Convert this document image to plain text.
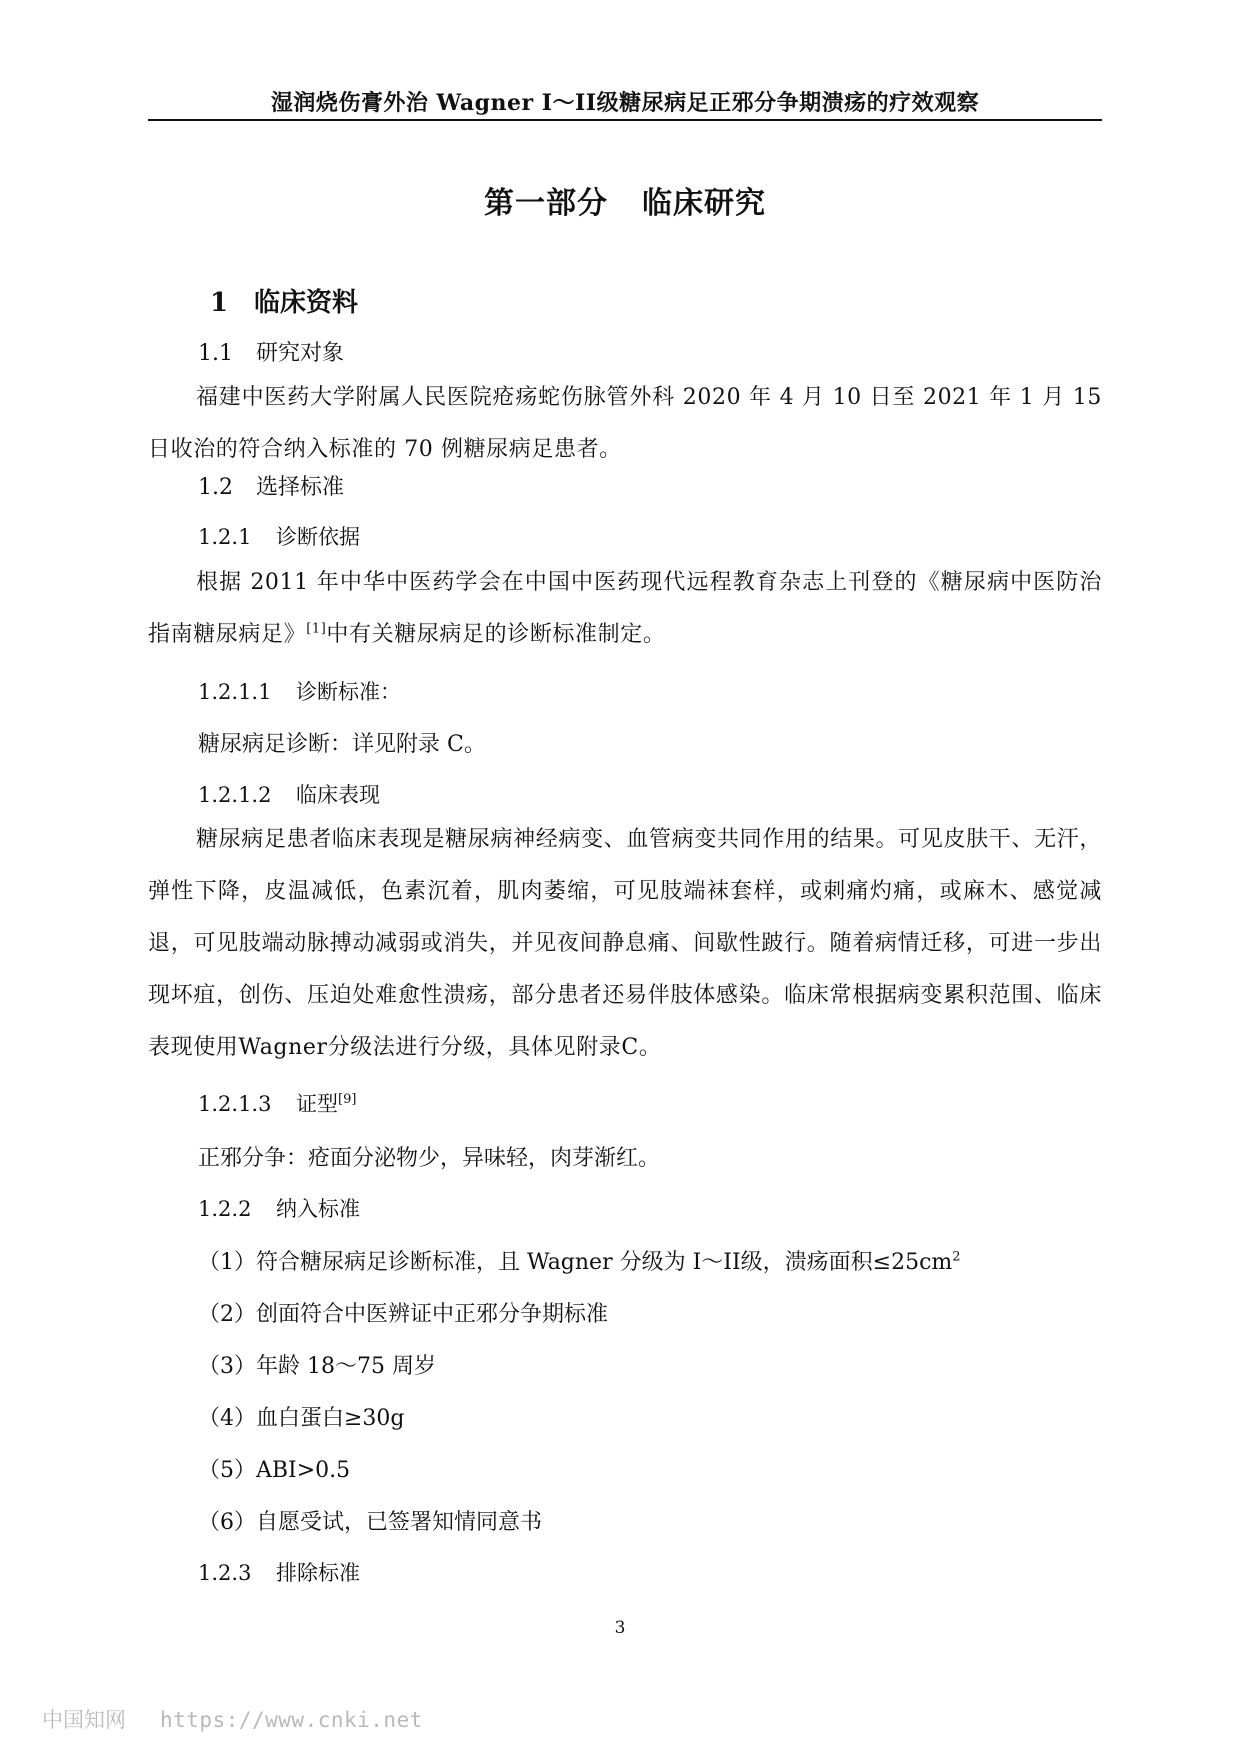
湿润烧伤膏外治 Wagner I～II级糖尿病足正邪分争期溃疡的疗效观察
第一部分 临床研究
1 临床资料
1.1 研究对象
福建中医药大学附属人民医院疮疡蛇伤脉管外科 2020 年 4 月 10 日至 2021 年 1 月 15 日收治的符合纳入标准的 70 例糖尿病足患者。
1.2 选择标准
1.2.1 诊断依据
根据 2011 年中华中医药学会在中国中医药现代远程教育杂志上刊登的《糖尿病中医防治指南糖尿病足》[1]中有关糖尿病足的诊断标准制定。
1.2.1.1 诊断标准：
糖尿病足诊断：详见附录 C。
1.2.1.2 临床表现
糖尿病足患者临床表现是糖尿病神经病变、血管病变共同作用的结果。可见皮肤干、无汗，弹性下降，皮温减低，色素沉着，肌肉萎缩，可见肢端袜套样，或刺痛灼痛，或麻木、感觉减退，可见肢端动脉搏动减弱或消失，并见夜间静息痛、间歇性跛行。随着病情迁移，可进一步出现坏疽，创伤、压迫处难愈性溃疡，部分患者还易伴肢体感染。临床常根据病变累积范围、临床表现使用Wagner分级法进行分级，具体见附录C。
1.2.1.3 证型[9]
正邪分争：疮面分泌物少，异味轻，肉芽渐红。
1.2.2 纳入标准
（1）符合糖尿病足诊断标准，且 Wagner 分级为 I～II级，溃疡面积$\le 25cm^2$
（2）创面符合中医辨证中正邪分争期标准
（3）年龄 18～75 周岁
（4）血白蛋白≥30g
（5）ABI>0.5
（6）自愿受试，已签署知情同意书
1.2.3 排除标准
3
中国知网 https://www.cnki.net
